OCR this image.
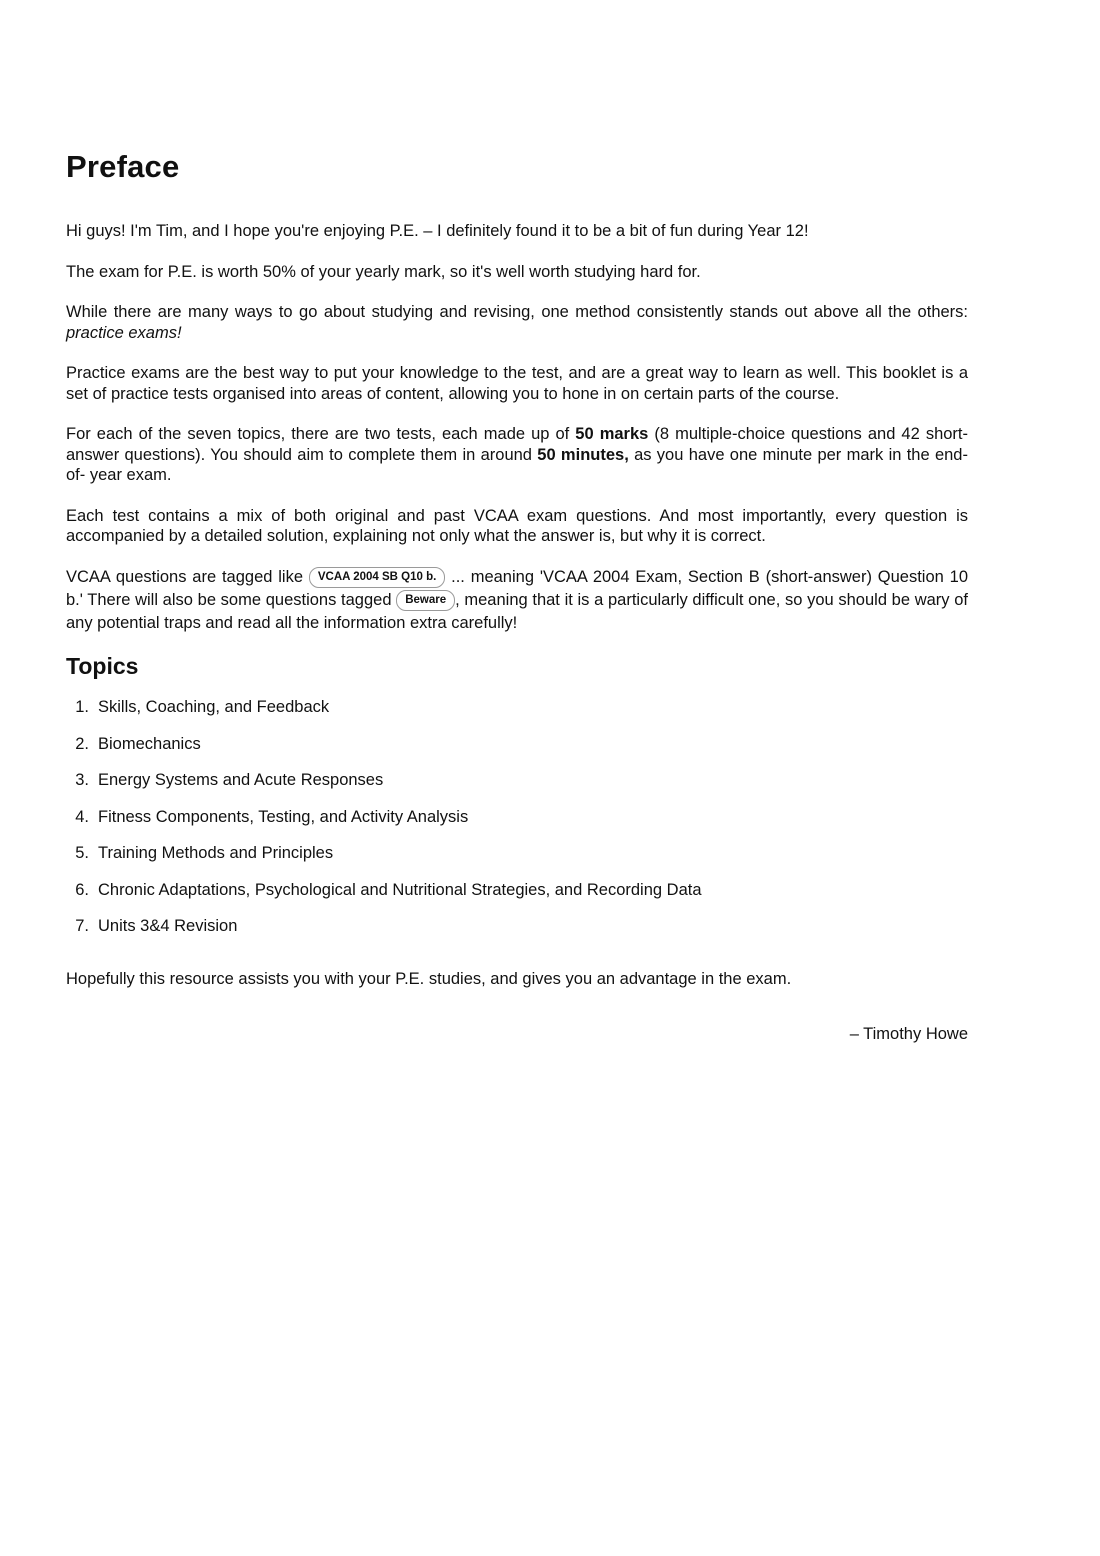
Preface

Hi guys! I'm Tim, and I hope you're enjoying P.E. – I definitely found it to be a bit of fun during Year 12!

The exam for P.E. is worth 50% of your yearly mark, so it's well worth studying hard for.

While there are many ways to go about studying and revising, one method consistently stands out above all the others: practice exams!

Practice exams are the best way to put your knowledge to the test, and are a great way to learn as well. This booklet is a set of practice tests organised into areas of content, allowing you to hone in on certain parts of the course.

For each of the seven topics, there are two tests, each made up of 50 marks (8 multiple-choice questions and 42 short-answer questions). You should aim to complete them in around 50 minutes, as you have one minute per mark in the end-of- year exam.

Each test contains a mix of both original and past VCAA exam questions. And most importantly, every question is accompanied by a detailed solution, explaining not only what the answer is, but why it is correct.

VCAA questions are tagged like VCAA 2004 SB Q10 b. ... meaning 'VCAA 2004 Exam, Section B (short-answer) Question 10 b.' There will also be some questions tagged Beware , meaning that it is a particularly difficult one, so you should be wary of any potential traps and read all the information extra carefully!

Topics
1. Skills, Coaching, and Feedback
2. Biomechanics
3. Energy Systems and Acute Responses
4. Fitness Components, Testing, and Activity Analysis
5. Training Methods and Principles
6. Chronic Adaptations, Psychological and Nutritional Strategies, and Recording Data
7. Units 3&4 Revision

Hopefully this resource assists you with your P.E. studies, and gives you an advantage in the exam.

– Timothy Howe
